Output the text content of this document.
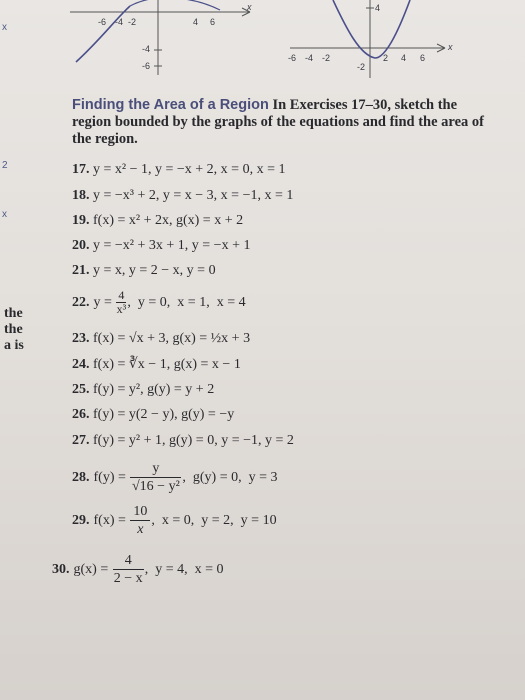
-6 -4 -2	4 6
-4
-6
x
-6 -4 -2	2 4 6
4
-2
x
x
2
x
the
the
a is
Finding the Area of a Region In Exercises 17–30, sketch the region bounded by the graphs of the equations and find the area of the region.
17. y = x² − 1, y = −x + 2, x = 0, x = 1
18. y = −x³ + 2, y = x − 3, x = −1, x = 1
19. f(x) = x² + 2x, g(x) = x + 2
20. y = −x² + 3x + 1, y = −x + 1
21. y = x, y = 2 − x, y = 0
22. $y = \frac{4}{\text{x³}}$ ,  y = 0,  x = 1,  x = 4
23. f(x) = √x + 3, g(x) = ½x + 3
24. f(x) = ∛x − 1, g(x) = x − 1
25. f(y) = y², g(y) = y + 2
26. f(y) = y(2 − y), g(y) = −y
27. f(y) = y² + 1, g(y) = 0, y = −1, y = 2
28. $f(y) = \frac{y}{\text{√16 − y²}}$ ,  g(y) = 0,  y = 3
29. $f(x) = \frac{10}{x}$ ,  x = 0,  y = 2,  y = 10
30. $g(x) = \frac{4}{2 - x}$ ,  y = 4,  x = 0
